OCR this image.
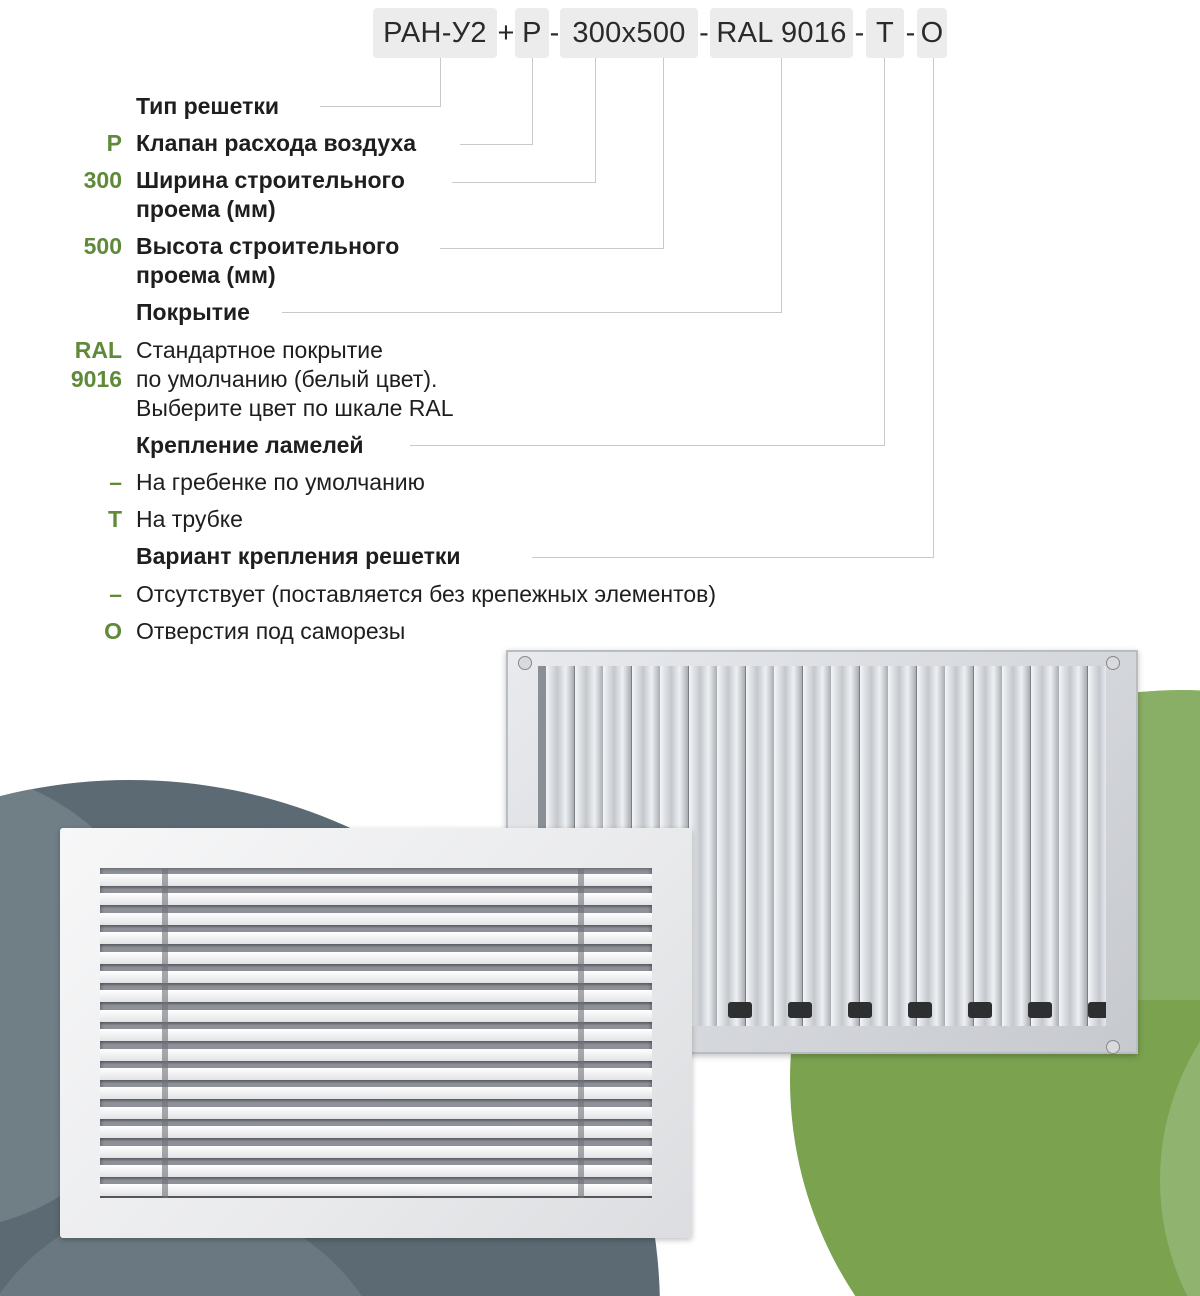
РАН-У2 + Р - 300х500 - RAL 9016 - Т - О
Тип решетки
Р Клапан расхода воздуха
300 Ширина строительного
проема (мм)
500 Высота строительного
проема (мм)
Покрытие
RAL
9016
Стандартное покрытие
по умолчанию (белый цвет).
Выберите цвет по шкале RAL
Крепление ламелей
– На гребенке по умолчанию
Т На трубке
Вариант крепления решетки
– Отсутствует (поставляется без крепежных элементов)
О Отверстия под саморезы
